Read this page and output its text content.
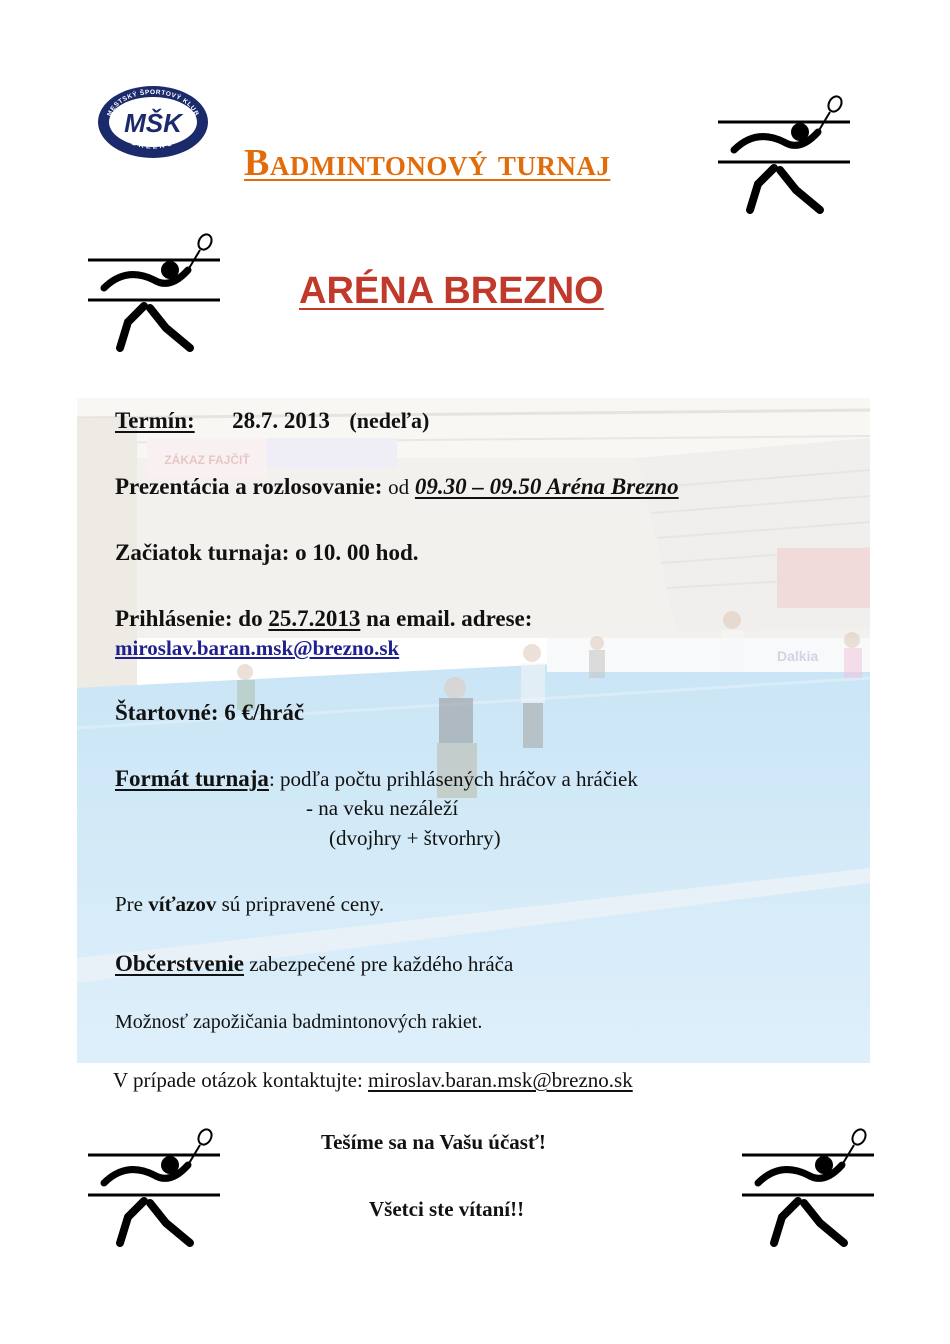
MESTSKÝ ŠPORTOVÝ KLUB
BREZNO
MŠK
Badmintonový turnaj
ARÉNA BREZNO
ZÁKAZ FAJČIŤ
Dalkia
Termín: 28.7. 2013 (nedeľa)
Prezentácia a rozlosovanie: od 09.30 – 09.50 Aréna Brezno
Začiatok turnaja: o 10. 00 hod.
Prihlásenie: do 25.7.2013 na email. adrese:
miroslav.baran.msk@brezno.sk
Štartovné: 6 €/hráč
Formát turnaja: podľa počtu prihlásených hráčov a hráčiek
- na veku nezáleží
(dvojhry + štvorhry)
Pre víťazov sú pripravené ceny.
Občerstvenie zabezpečené pre každého hráča
Možnosť zapožičania badmintonových rakiet.
V prípade otázok kontaktujte: miroslav.baran.msk@brezno.sk
Tešíme sa na Vašu účasť!
Všetci ste vítaní!!
